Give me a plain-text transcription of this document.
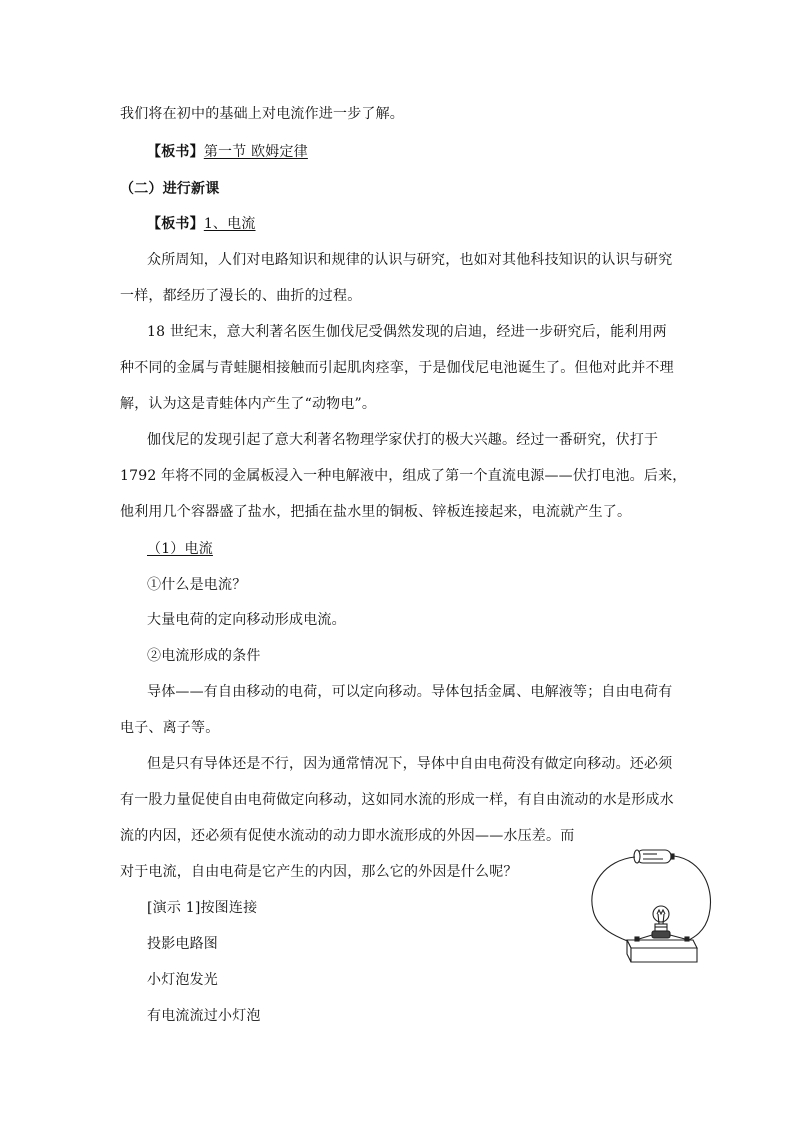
我们将在初中的基础上对电流作进一步了解。
【板书】第一节 欧姆定律
（二）进行新课
【板书】1、电流
众所周知，人们对电路知识和规律的认识与研究，也如对其他科技知识的认识与研究
一样，都经历了漫长的、曲折的过程。
18 世纪末，意大利著名医生伽伐尼受偶然发现的启迪，经进一步研究后，能利用两
种不同的金属与青蛙腿相接触而引起肌肉痉挛，于是伽伐尼电池诞生了。但他对此并不理
解，认为这是青蛙体内产生了“动物电”。
伽伐尼的发现引起了意大利著名物理学家伏打的极大兴趣。经过一番研究，伏打于
1792 年将不同的金属板浸入一种电解液中，组成了第一个直流电源——伏打电池。后来，
他利用几个容器盛了盐水，把插在盐水里的铜板、锌板连接起来，电流就产生了。
（1）电流
①什么是电流？
大量电荷的定向移动形成电流。
②电流形成的条件
导体——有自由移动的电荷，可以定向移动。导体包括金属、电解液等；自由电荷有
电子、离子等。
但是只有导体还是不行，因为通常情况下，导体中自由电荷没有做定向移动。还必须
有一股力量促使自由电荷做定向移动，这如同水流的形成一样，有自由流动的水是形成水
流的内因，还必须有促使水流动的动力即水流形成的外因——水压差。而
对于电流，自由电荷是它产生的内因，那么它的外因是什么呢？
[演示 1]按图连接
投影电路图
小灯泡发光
有电流流过小灯泡
